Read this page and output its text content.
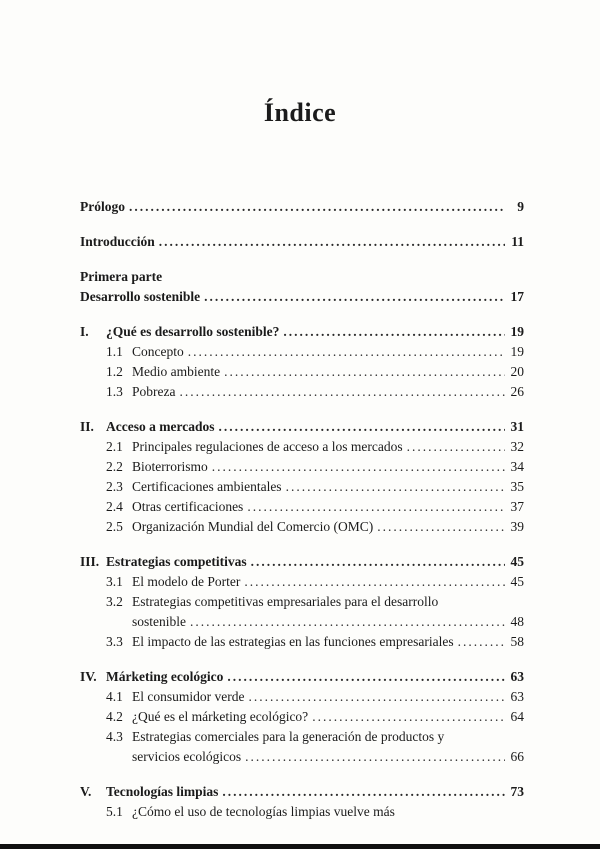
Índice
Prólogo .....	9
Introducción .....	11
Primera parte
Desarrollo sostenible .....	17
I.	¿Qué es desarrollo sostenible? .....	19
1.1 Concepto .....	19
1.2 Medio ambiente .....	20
1.3 Pobreza .....	26
II. Acceso a mercados .....	31
2.1 Principales regulaciones de acceso a los mercados .....	32
2.2 Bioterrorismo .....	34
2.3 Certificaciones ambientales .....	35
2.4 Otras certificaciones .....	37
2.5 Organización Mundial del Comercio (OMC) .....	39
III. Estrategias competitivas .....	45
3.1 El modelo de Porter .....	45
3.2 Estrategias competitivas empresariales para el desarrollo
sostenible .....	48
3.3 El impacto de las estrategias en las funciones empresariales .....	58
IV. Márketing ecológico .....	63
4.1 El consumidor verde .....	63
4.2 ¿Qué es el márketing ecológico? .....	64
4.3 Estrategias comerciales para la generación de productos y
servicios ecológicos .....	66
V.	Tecnologías limpias .....	73
5.1 ¿Cómo el uso de tecnologías limpias vuelve más
